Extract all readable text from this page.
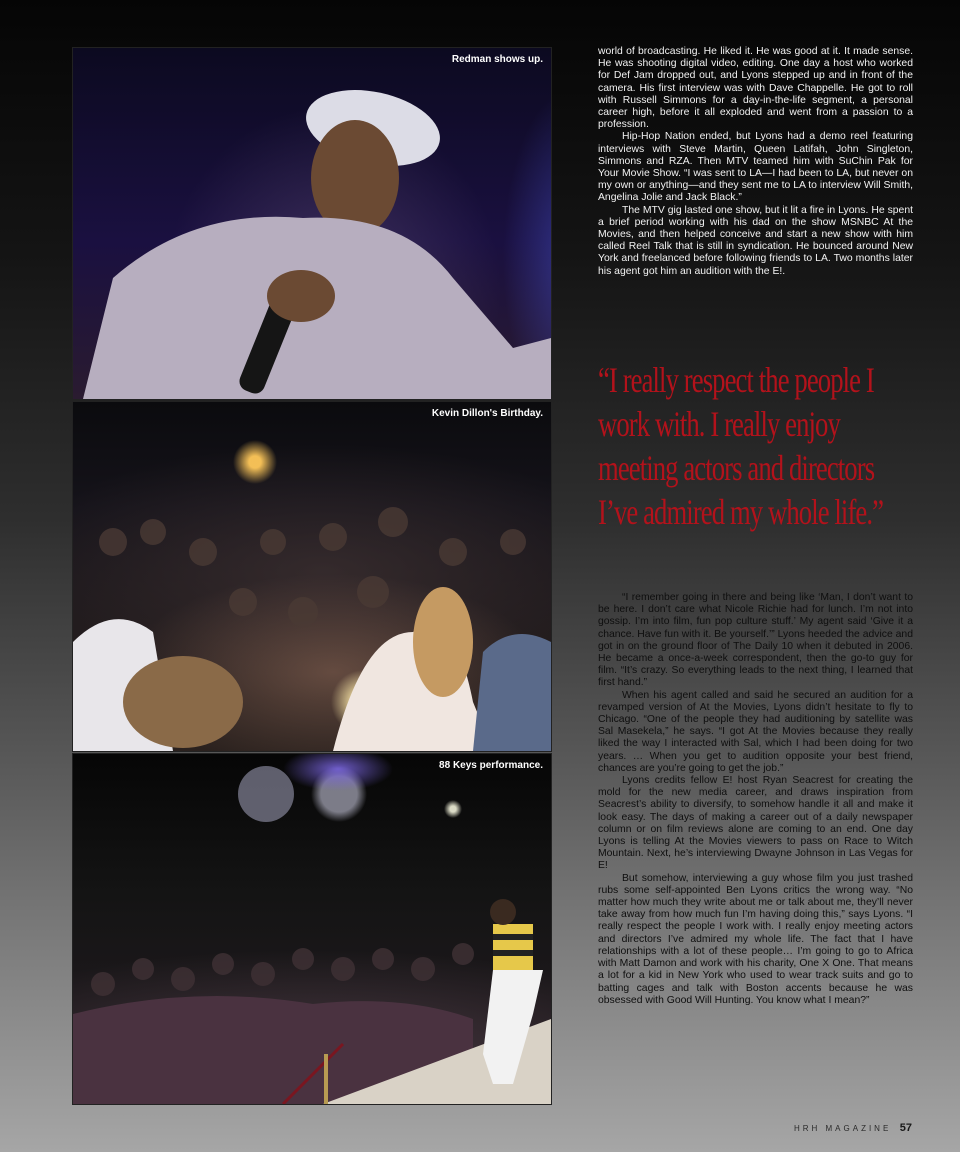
Redman shows up.
Kevin Dillon's Birthday.
88 Keys performance.

world of broadcasting. He liked it. He was good at it. It made sense. He was shooting digital video, editing. One day a host who worked for Def Jam dropped out, and Lyons stepped up and in front of the camera. His first interview was with Dave Chappelle. He got to roll with Russell Simmons for a day-in-the-life segment, a personal career high, before it all exploded and went from a passion to a profession.

Hip-Hop Nation ended, but Lyons had a demo reel featuring interviews with Steve Martin, Queen Latifah, John Singleton, Simmons and RZA. Then MTV teamed him with SuChin Pak for Your Movie Show. “I was sent to LA—I had been to LA, but never on my own or anything—and they sent me to LA to interview Will Smith, Angelina Jolie and Jack Black.”

The MTV gig lasted one show, but it lit a fire in Lyons. He spent a brief period working with his dad on the show MSNBC At the Movies, and then helped conceive and start a new show with him called Reel Talk that is still in syndication. He bounced around New York and freelanced before following friends to LA. Two months later his agent got him an audition with the E!.

“I really respect the people I work with. I really enjoy meeting actors and directors I’ve admired my whole life.”

“I remember going in there and being like ‘Man, I don’t want to be here. I don’t care what Nicole Richie had for lunch. I’m not into gossip. I’m into film, fun pop culture stuff.’ My agent said ‘Give it a chance. Have fun with it. Be yourself.’” Lyons heeded the advice and got in on the ground floor of The Daily 10 when it debuted in 2006. He became a once-a-week correspondent, then the go-to guy for film. “It’s crazy. So everything leads to the next thing, I learned that first hand.”

When his agent called and said he secured an audition for a revamped version of At the Movies, Lyons didn’t hesitate to fly to Chicago. “One of the people they had auditioning by satellite was Sal Masekela,” he says. “I got At the Movies because they really liked the way I interacted with Sal, which I had been doing for two years. … When you get to audition opposite your best friend, chances are you’re going to get the job.”

Lyons credits fellow E! host Ryan Seacrest for creating the mold for the new media career, and draws inspiration from Seacrest’s ability to diversify, to somehow handle it all and make it look easy. The days of making a career out of a daily newspaper column or on film reviews alone are coming to an end. One day Lyons is telling At the Movies viewers to pass on Race to Witch Mountain. Next, he’s interviewing Dwayne Johnson in Las Vegas for E!

But somehow, interviewing a guy whose film you just trashed rubs some self-appointed Ben Lyons critics the wrong way. “No matter how much they write about me or talk about me, they’ll never take away from how much fun I’m having doing this,” says Lyons. “I really respect the people I work with. I really enjoy meeting actors and directors I’ve admired my whole life. The fact that I have relationships with a lot of these people… I’m going to go to Africa with Matt Damon and work with his charity, One X One. That means a lot for a kid in New York who used to wear track suits and go to batting cages and talk with Boston accents because he was obsessed with Good Will Hunting. You know what I mean?”

HRH MAGAZINE 57
